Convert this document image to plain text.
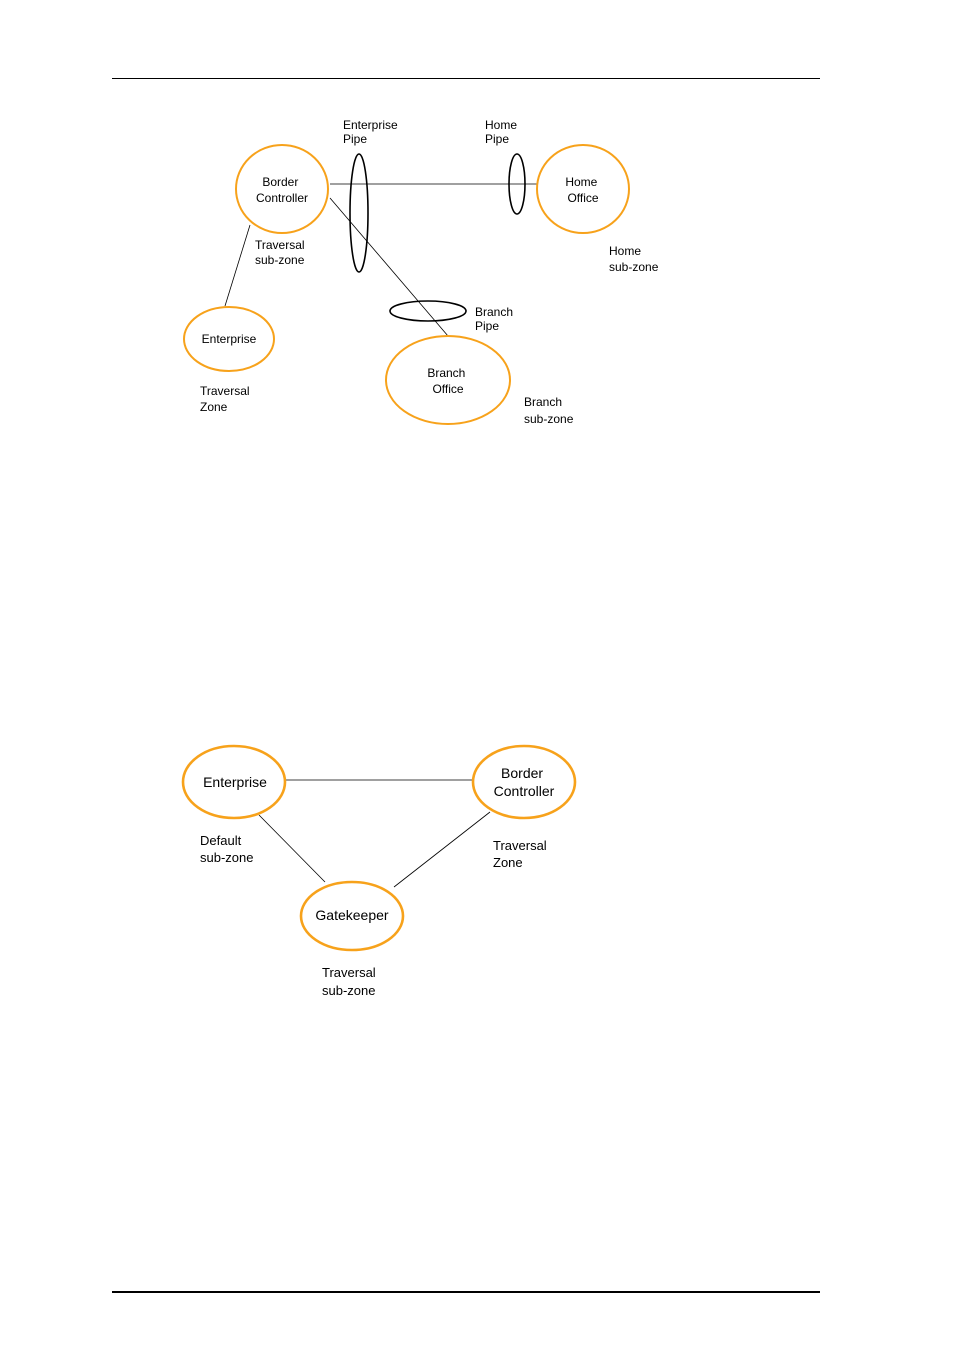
Border Controller
Home Office
Enterprise
Branch Office
Enterprise Pipe
Home Pipe
Branch Pipe
Traversal sub-zone
Home sub-zone
Traversal Zone	Branch sub-zone
Enterprise
Border Controller
Gatekeeper
Default sub-zone
Traversal Zone
Traversal sub-zone
